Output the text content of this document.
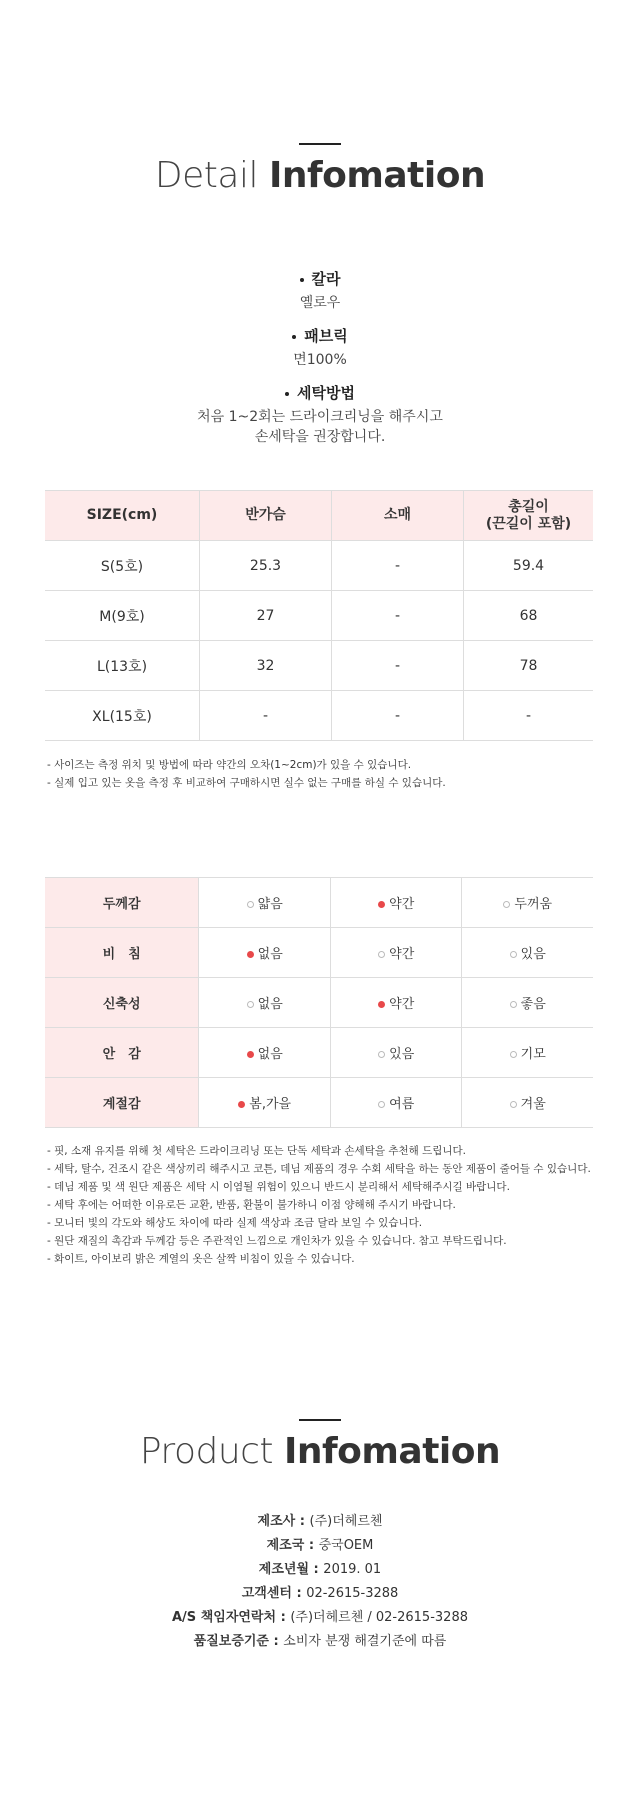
Detail Infomation
칼라
옐로우
패브릭
면100%
세탁방법
처음 1~2회는 드라이크리닝을 해주시고
손세탁을 권장합니다.
SIZE(cm)	반가슴	소매	총길이
(끈길이 포함)
S(5호)	25.3	-	59.4
M(9호)	27	-	68
L(13호)	32	-	78
XL(15호)	-	-	-
- 사이즈는 측정 위치 및 방법에 따라 약간의 오차(1~2cm)가 있을 수 있습니다.
- 실제 입고 있는 옷을 측정 후 비교하여 구매하시면 실수 없는 구매를 하실 수 있습니다.
두께감	얇음	약간	두꺼움
비　침	없음	약간	있음
신축성	없음	약간	좋음
안　감	없음	있음	기모
계절감	봄,가을	여름	겨울
- 핏, 소재 유지를 위해 첫 세탁은 드라이크리닝 또는 단독 세탁과 손세탁을 추천해 드립니다.
- 세탁, 탈수, 건조시 같은 색상끼리 해주시고 코튼, 데님 제품의 경우 수회 세탁을 하는 동안 제품이 줄어들 수 있습니다.
- 데님 제품 및 색 원단 제품은 세탁 시 이염될 위험이 있으니 반드시 분리해서 세탁해주시길 바랍니다.
- 세탁 후에는 어떠한 이유로든 교환, 반품, 환불이 불가하니 이점 양해해 주시기 바랍니다.
- 모니터 빛의 각도와 해상도 차이에 따라 실제 색상과 조금 달라 보일 수 있습니다.
- 원단 재질의 촉감과 두께감 등은 주관적인 느낌으로 개인차가 있을 수 있습니다. 참고 부탁드립니다.
- 화이트, 아이보리 밝은 계열의 옷은 살짝 비침이 있을 수 있습니다.
Product Infomation
제조사 : (주)더헤르첸
제조국 : 중국OEM
제조년월 : 2019. 01
고객센터 : 02-2615-3288
A/S 책임자연락처 : (주)더헤르첸 / 02-2615-3288
품질보증기준 : 소비자 분쟁 해결기준에 따름
